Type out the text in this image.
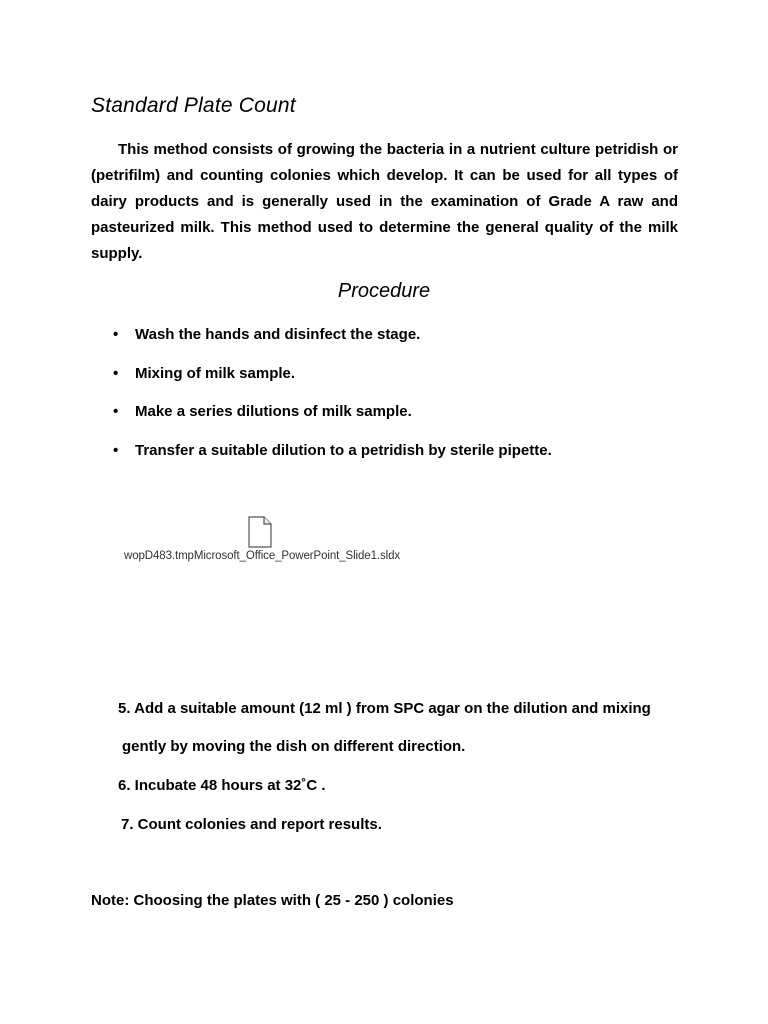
Standard Plate Count

This method consists of growing the bacteria in a nutrient culture petridish or (petrifilm) and counting colonies which develop. It can be used for all types of dairy products and is generally used in the examination of Grade A raw and pasteurized milk. This method used to determine the general quality of the milk supply.

Procedure
• Wash the hands and disinfect the stage.
• Mixing of milk sample.
• Make a series dilutions of milk sample.
• Transfer a suitable dilution to a petridish by sterile pipette.
wopD483.tmpMicrosoft_Office_PowerPoint_Slide1.sldx
5. Add a suitable amount (12 ml ) from SPC agar on the dilution and mixing
gently by moving the dish on different direction.
6. Incubate 48 hours at 32˚C .
7. Count colonies and report results.

Note: Choosing the plates with ( 25 - 250 ) colonies
